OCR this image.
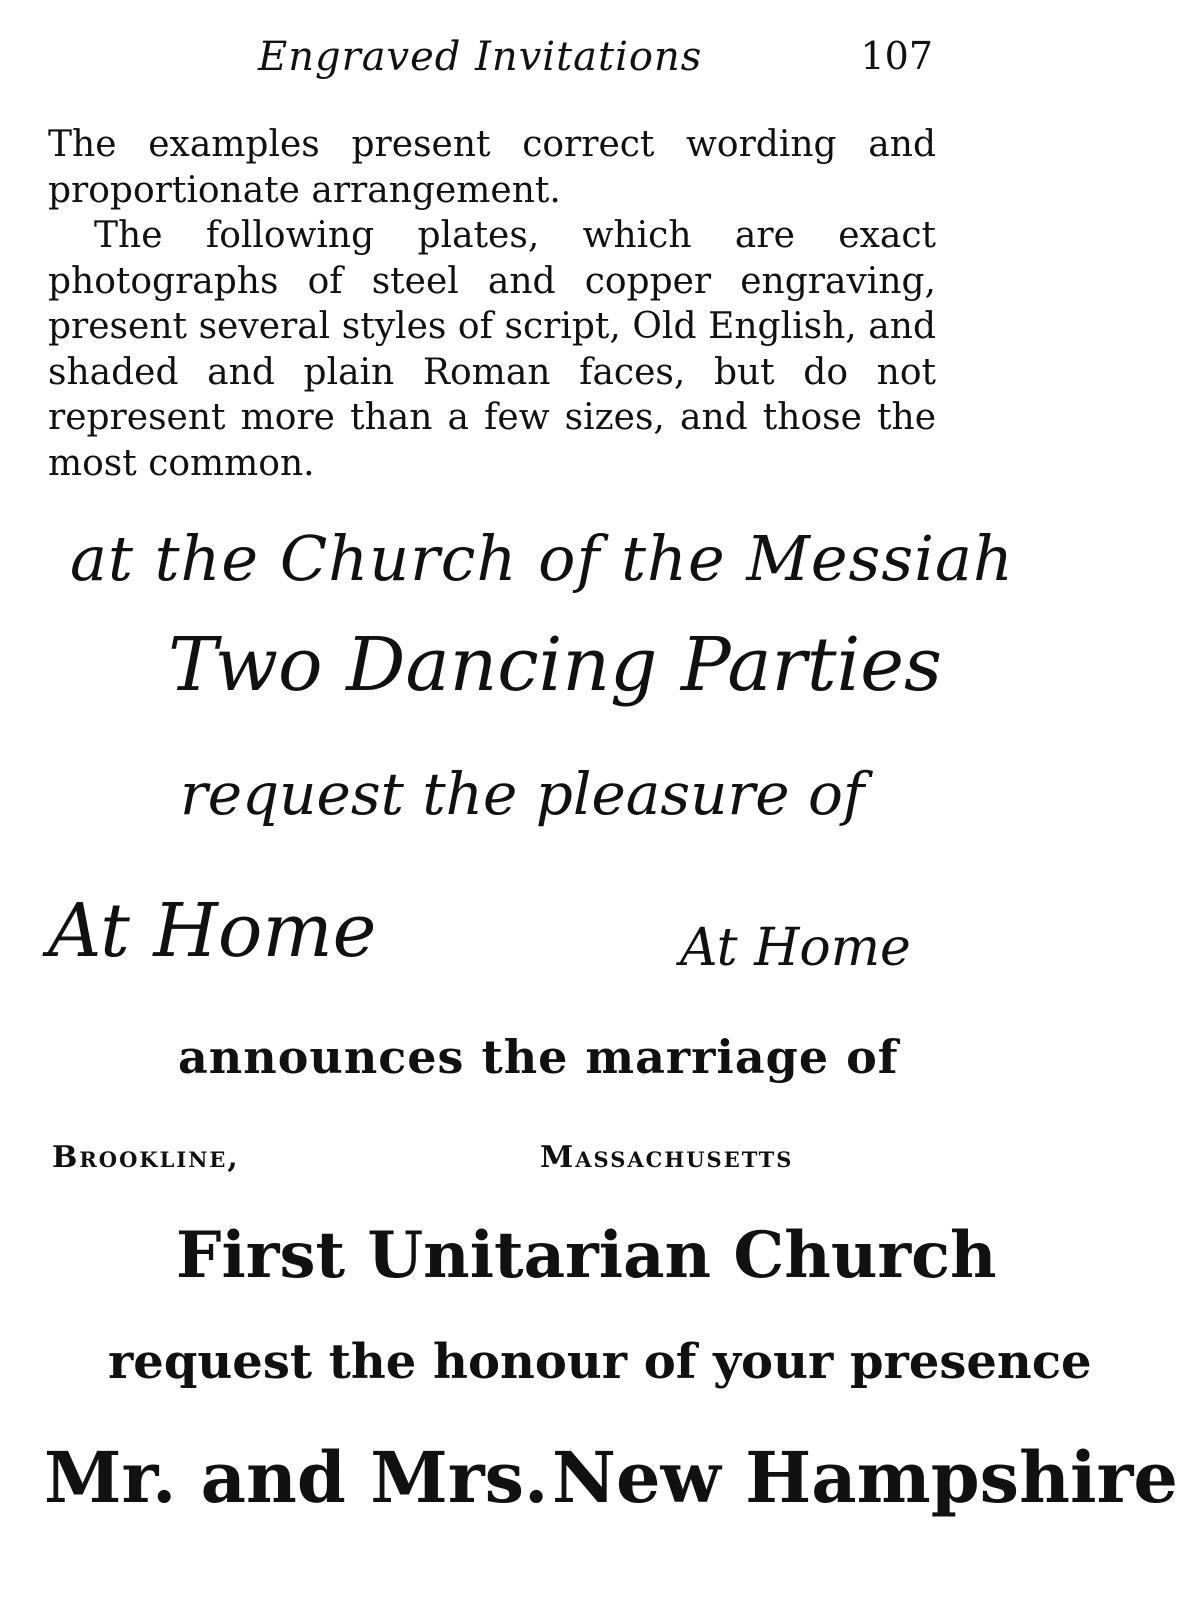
Engraved Invitations	107

The examples present correct wording and proportionate arrangement.

The following plates, which are exact photographs of steel and copper engraving, present several styles of script, Old English, and shaded and plain Roman faces, but do not represent more than a few sizes, and those the most common.

at the Church of the Messiah
Two Dancing Parties
request the pleasure of
At Home	At Home
announces the marriage of
Brookline,	Massachusetts
First Unitarian Church
request the honour of your presence
Mr. and Mrs. New Hampshire
